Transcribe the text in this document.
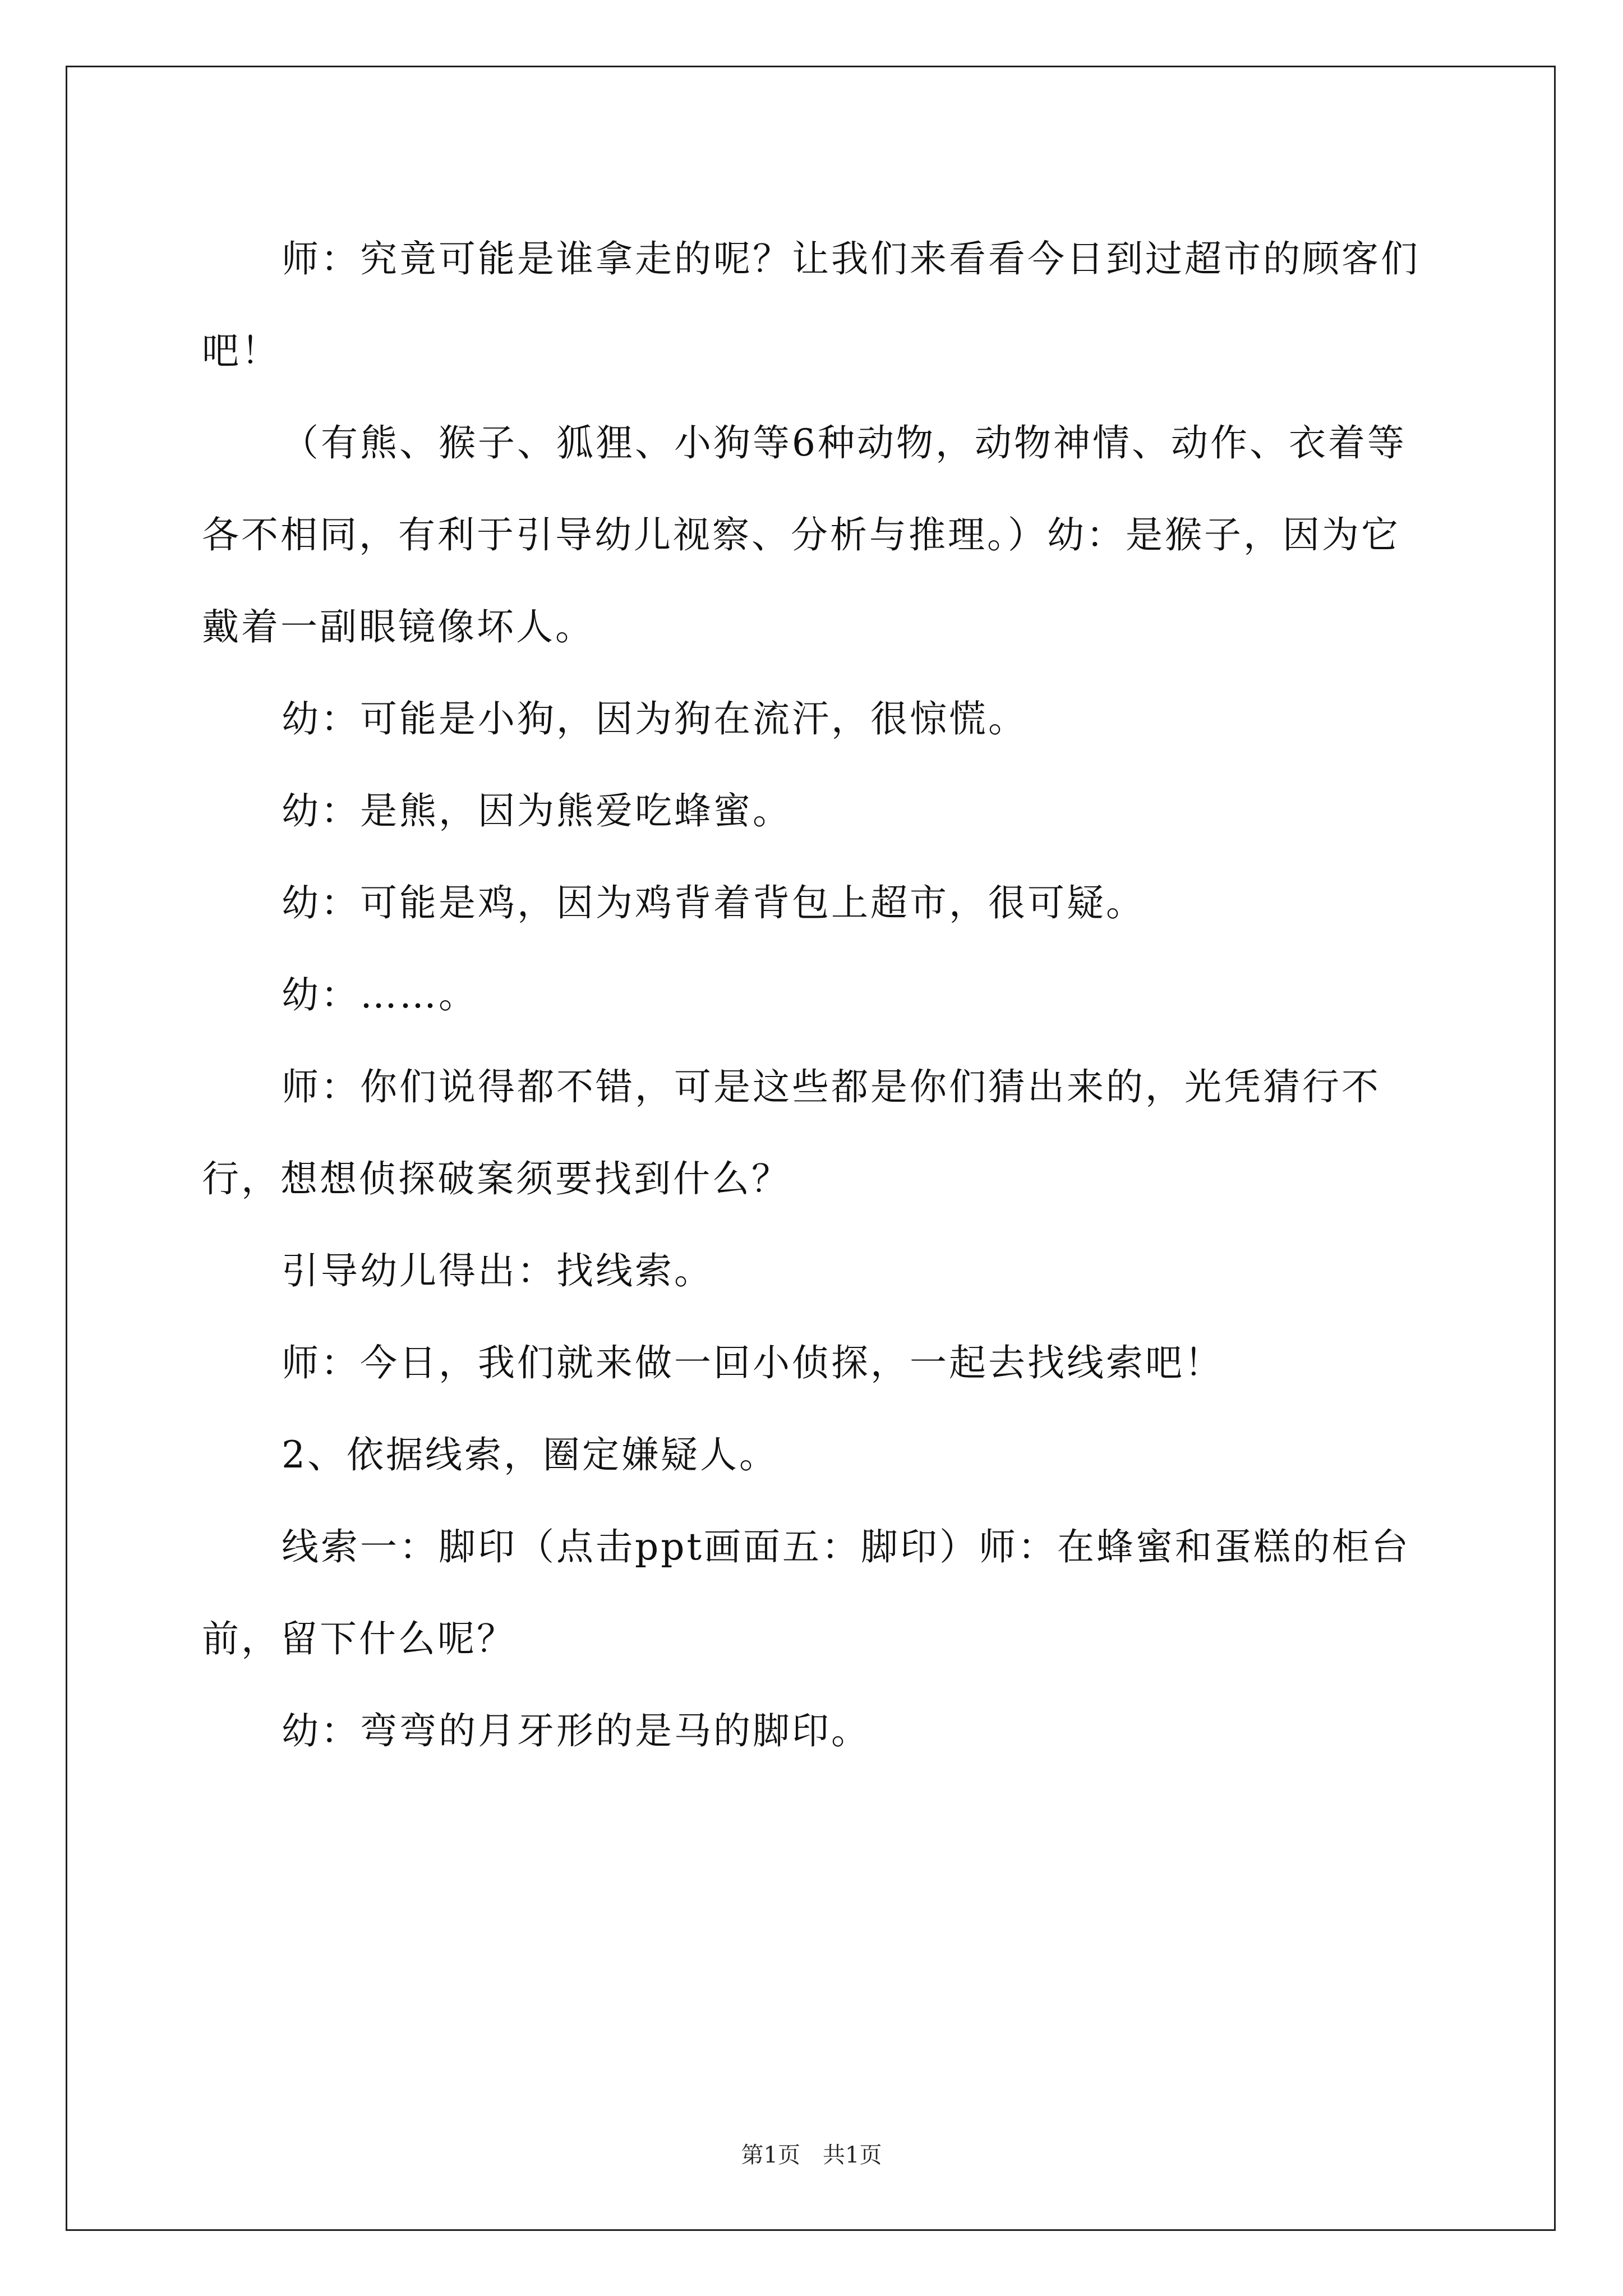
师：究竟可能是谁拿走的呢？让我们来看看今日到过超市的顾客们吧！

（有熊、猴子、狐狸、小狗等6种动物，动物神情、动作、衣着等各不相同，有利于引导幼儿视察、分析与推理。）幼：是猴子，因为它戴着一副眼镜像坏人。

幼：可能是小狗，因为狗在流汗，很惊慌。

幼：是熊，因为熊爱吃蜂蜜。

幼：可能是鸡，因为鸡背着背包上超市，很可疑。

幼：……。

师：你们说得都不错，可是这些都是你们猜出来的，光凭猜行不行，想想侦探破案须要找到什么？

引导幼儿得出：找线索。

师：今日，我们就来做一回小侦探，一起去找线索吧！

2、依据线索，圈定嫌疑人。

线索一：脚印（点击ppt画面五：脚印）师：在蜂蜜和蛋糕的柜台前，留下什么呢？

幼：弯弯的月牙形的是马的脚印。

第1页　共1页
